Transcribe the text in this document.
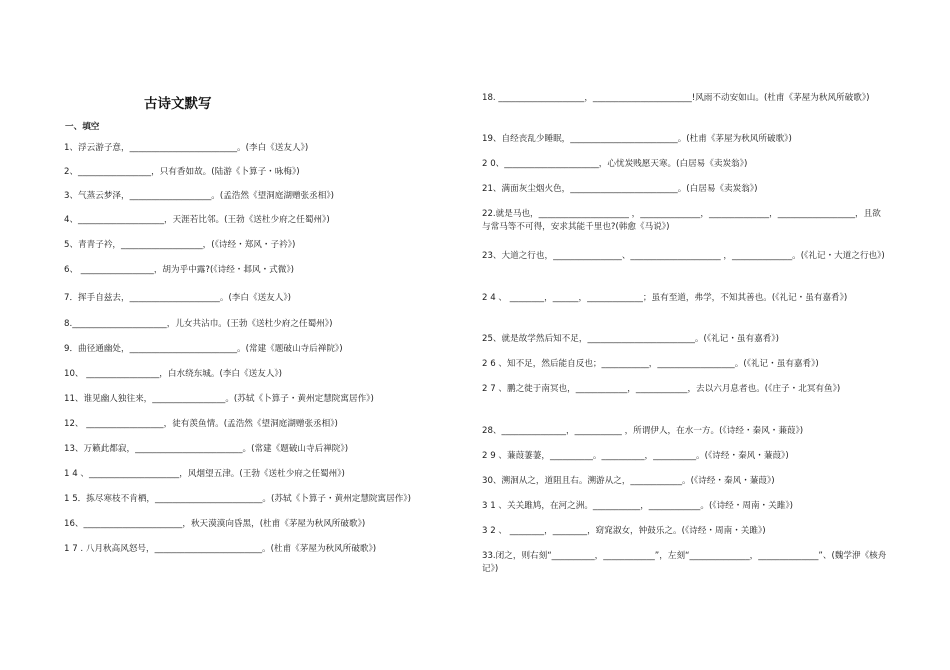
古诗文默写
一、填空
1、浮云游子意，_________________________。(李白《送友人》)
2、_________________，只有香如故。(陆游《卜算子・咏梅》)
3、气蒸云梦泽，___________________。(孟浩然《望洞庭湖赠张丞相》)
4、____________________，天涯若比邻。(王勃《送杜少府之任蜀州》)
5、青青子衿，___________________，(《诗经・郑风・子衿》)
6、 _________________，胡为乎中露?(《诗经・邶风・式微》)
7．挥手自兹去，_____________________。(李白《送友人》)
8.______________________，儿女共沾巾。(王勃《送杜少府之任蜀州》)
9．曲径通幽处，_________________________。(常建《题破山寺后禅院》)
10、 _________________，白水绕东城。(李白《送友人》)
11、谁见幽人独往来，_________________。(苏轼《卜算子・黄州定慧院寓居作》)
12、 __________________，徒有羡鱼情。(孟浩然《望洞庭湖赠张丞相》)
13、万籁此都寂，_________________________。(常建《题破山寺后禅院》)
1 4 、_____________________，风烟望五津。(王勃《送杜少府之任蜀州》)
1 5．拣尽寒枝不肯栖，_________________________。(苏轼《卜算子・黄州定慧院寓居作》)
16、_______________________，秋天漠漠向昏黑，(杜甫《茅屋为秋风所破歌》)
1 7 . 八月秋高风怒号，_________________________。(杜甫《茅屋为秋风所破歌》)
18. ____________________，_______________________!风雨不动安如山。(杜甫《茅屋为秋风所破歌》)
19、自经丧乱少睡眠，_________________________。(杜甫《茅屋为秋风所破歌》)
2 0、______________________，心忧炭贱愿天寒。(白居易《卖炭翁》)
21、满面灰尘烟火色，_________________________。(白居易《卖炭翁》)
22.就是马也，_____________________ ，______________，______________，__________________，且欲与常马等不可得，安求其能千里也?(韩愈《马说》)
23、大道之行也，________________、_____________________ ，______________。(《礼记・大道之行也》)
2 4 、 ________，______，_____________；虽有至道，弗学，不知其善也。(《礼记・虽有嘉肴》)
25、就是故学然后知不足，_________________________。(《礼记・虽有嘉肴》)
2 6 、知不足，然后能自反也；___________，__________________。(《礼记・虽有嘉肴》)
2 7 、鹏之徙于南冥也，____________，____________，去以六月息者也。(《庄子・北冥有鱼》)
28、_______________，___________ ，所谓伊人，在水一方。(《诗经・秦风・蒹葭》)
2 9 、蒹葭萋萋，__________。__________，__________。(《诗经・秦风・蒹葭》)
30、溯洄从之，道阻且右。溯游从之，____________。(《诗经・秦风・蒹葭》)
3 1 、关关雎鸠，在河之洲。___________，____________。(《诗经・周南・关雎》)
3 2 、 ________，________，窈窕淑女，钟鼓乐之。(《诗经・周南・关雎》)
33.闭之，则右刻“__________，____________”，左刻“______________，______________”、(魏学洢《核舟记》)
